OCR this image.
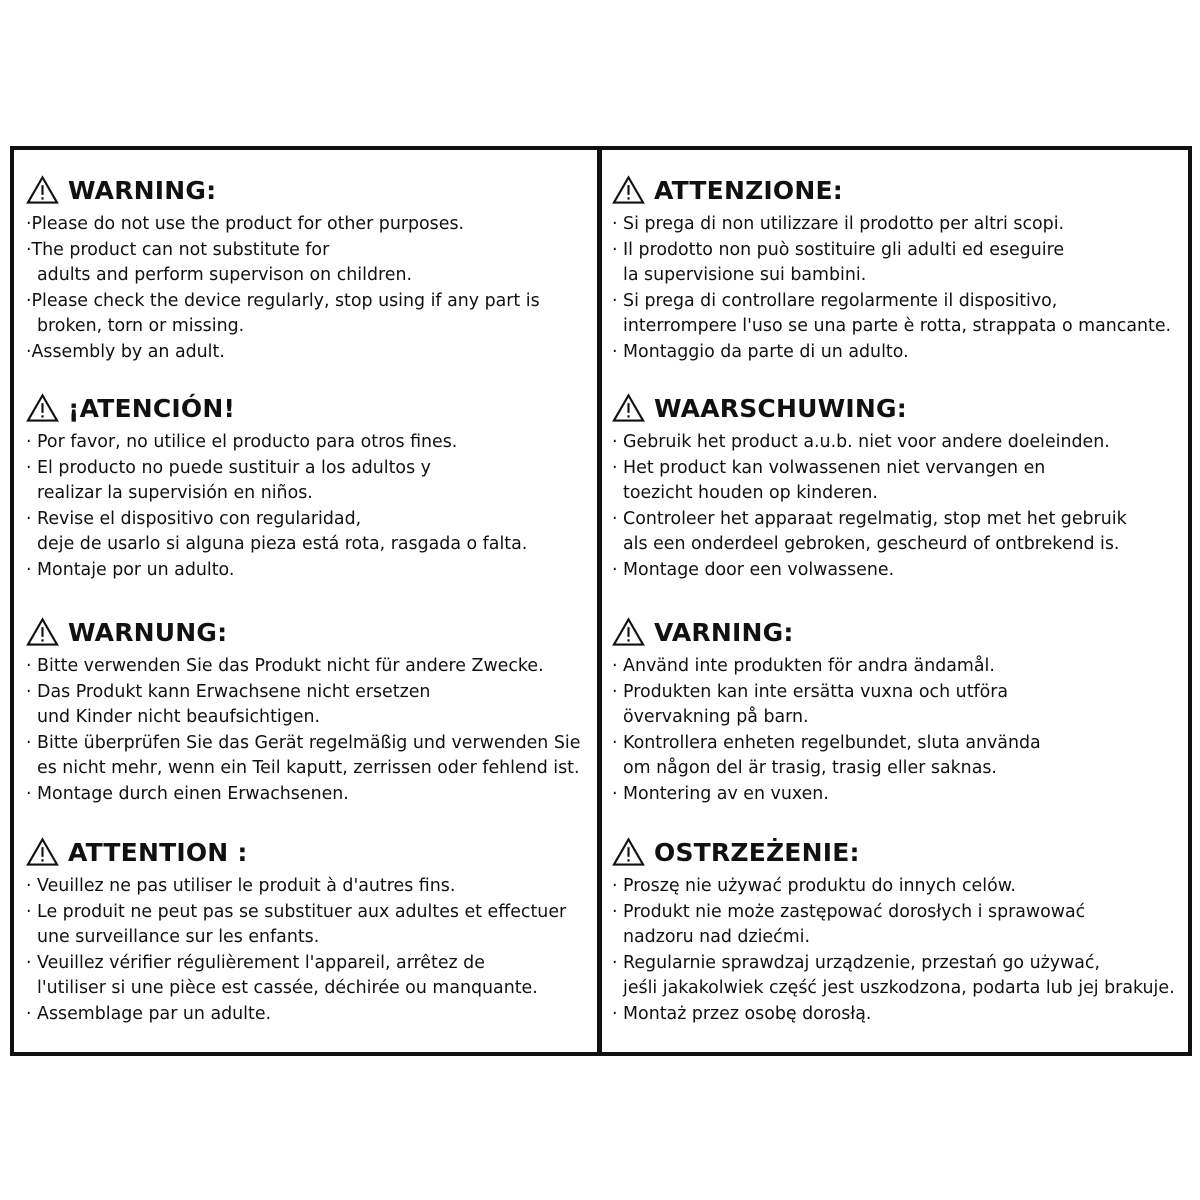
WARNING:
·Please do not use the product for other purposes.
·The product can not substitute for
adults and perform supervison on children.
·Please check the device regularly, stop using if any part is
broken, torn or missing.
·Assembly by an adult.
¡ATENCIÓN!
· Por favor, no utilice el producto para otros fines.
· El producto no puede sustituir a los adultos y
realizar la supervisión en niños.
· Revise el dispositivo con regularidad,
deje de usarlo si alguna pieza está rota, rasgada o falta.
· Montaje por un adulto.
WARNUNG:
· Bitte verwenden Sie das Produkt nicht für andere Zwecke.
· Das Produkt kann Erwachsene nicht ersetzen
und Kinder nicht beaufsichtigen.
· Bitte überprüfen Sie das Gerät regelmäßig und verwenden Sie
es nicht mehr, wenn ein Teil kaputt, zerrissen oder fehlend ist.
· Montage durch einen Erwachsenen.
ATTENTION :
· Veuillez ne pas utiliser le produit à d'autres fins.
· Le produit ne peut pas se substituer aux adultes et effectuer
une surveillance sur les enfants.
· Veuillez vérifier régulièrement l'appareil, arrêtez de
l'utiliser si une pièce est cassée, déchirée ou manquante.
· Assemblage par un adulte.
ATTENZIONE:
· Si prega di non utilizzare il prodotto per altri scopi.
· Il prodotto non può sostituire gli adulti ed eseguire
la supervisione sui bambini.
· Si prega di controllare regolarmente il dispositivo,
interrompere l'uso se una parte è rotta, strappata o mancante.
· Montaggio da parte di un adulto.
WAARSCHUWING:
· Gebruik het product a.u.b. niet voor andere doeleinden.
· Het product kan volwassenen niet vervangen en
toezicht houden op kinderen.
· Controleer het apparaat regelmatig, stop met het gebruik
als een onderdeel gebroken, gescheurd of ontbrekend is.
· Montage door een volwassene.
VARNING:
· Använd inte produkten för andra ändamål.
· Produkten kan inte ersätta vuxna och utföra
övervakning på barn.
· Kontrollera enheten regelbundet, sluta använda
om någon del är trasig, trasig eller saknas.
· Montering av en vuxen.
OSTRZEŻENIE:
· Proszę nie używać produktu do innych celów.
· Produkt nie może zastępować dorosłych i sprawować
nadzoru nad dziećmi.
· Regularnie sprawdzaj urządzenie, przestań go używać,
jeśli jakakolwiek część jest uszkodzona, podarta lub jej brakuje.
· Montaż przez osobę dorosłą.
